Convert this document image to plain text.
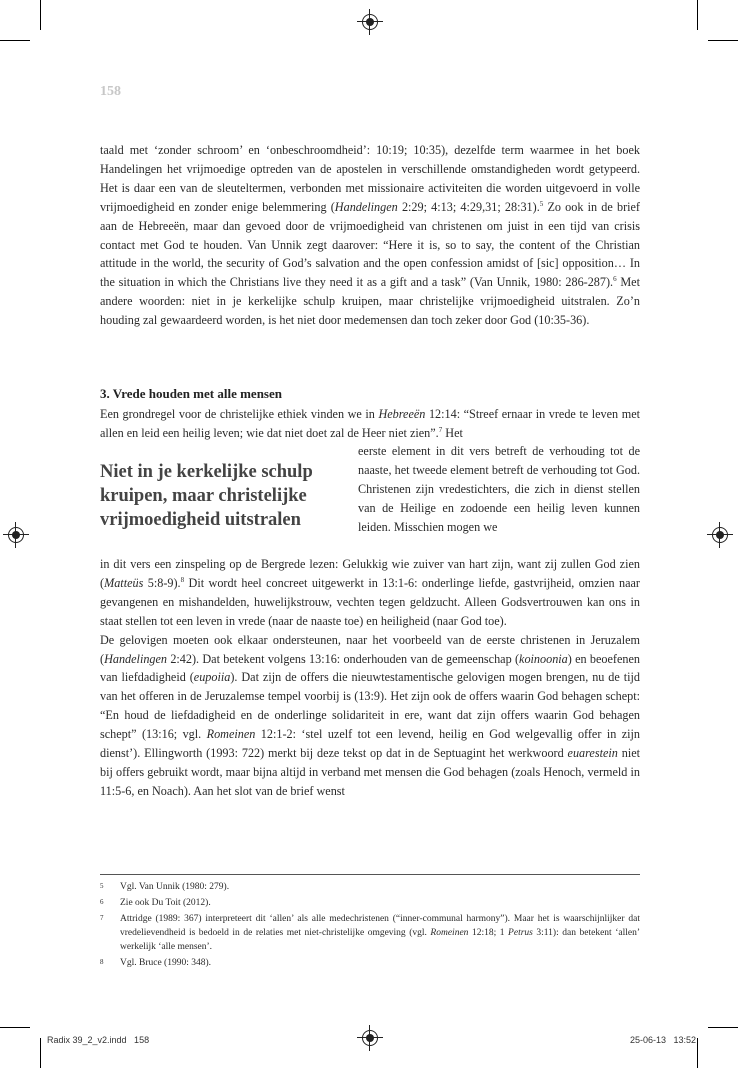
158

taald met ‘zonder schroom’ en ‘onbeschroomdheid’: 10:19; 10:35), dezelfde term waarmee in het boek Handelingen het vrijmoedige optreden van de apostelen in verschillende omstandigheden wordt getypeerd. Het is daar een van de sleuteltermen, verbonden met missionaire activiteiten die worden uitgevoerd in volle vrijmoedigheid en zonder enige belemmering (Handelingen 2:29; 4:13; 4:29,31; 28:31).$^5$ Zo ook in de brief aan de Hebreeën, maar dan gevoed door de vrijmoedigheid van christenen om juist in een tijd van crisis contact met God te houden. Van Unnik zegt daarover: “Here it is, so to say, the content of the Christian attitude in the world, the security of God’s salvation and the open confession amidst of [sic] opposition… In the situation in which the Christians live they need it as a gift and a task” (Van Unnik, 1980: 286-287).$^6$ Met andere woorden: niet in je kerkelijke schulp kruipen, maar christelijke vrijmoedigheid uitstralen. Zo’n houding zal gewaardeerd worden, is het niet door medemensen dan toch zeker door God (10:35-36).

3. Vrede houden met alle mensen

Een grondregel voor de christelijke ethiek vinden we in Hebreeën 12:14: “Streef ernaar in vrede te leven met allen en leid een heilig leven; wie dat niet doet zal de Heer niet zien”.$^7$ Het

Niet in je kerkelijke schulp kruipen, maar christelijke vrijmoedigheid uitstralen
eerste element in dit vers betreft de verhouding tot de naaste, het tweede element betreft de verhouding tot God. Christenen zijn vredestichters, die zich in dienst stellen van de Heilige en zodoende een heilig leven kunnen leiden. Misschien mogen we

in dit vers een zinspeling op de Bergrede lezen: Gelukkig wie zuiver van hart zijn, want zij zullen God zien (Matteüs 5:8-9).$^8$ Dit wordt heel concreet uitgewerkt in 13:1-6: onderlinge liefde, gastvrijheid, omzien naar gevangenen en mishandelden, huwelijkstrouw, vechten tegen geldzucht. Alleen Godsvertrouwen kan ons in staat stellen tot een leven in vrede (naar de naaste toe) en heiligheid (naar God toe).

De gelovigen moeten ook elkaar ondersteunen, naar het voorbeeld van de eerste christenen in Jeruzalem (Handelingen 2:42). Dat betekent volgens 13:16: onderhouden van de gemeenschap (koinoonia) en beoefenen van liefdadigheid (eupoiia). Dat zijn de offers die nieuwtestamentische gelovigen mogen brengen, nu de tijd van het offeren in de Jeruzalemse tempel voorbij is (13:9). Het zijn ook de offers waarin God behagen schept: “En houd de liefdadigheid en de onderlinge solidariteit in ere, want dat zijn offers waarin God behagen schept” (13:16; vgl. Romeinen 12:1-2: ‘stel uzelf tot een levend, heilig en God welgevallig offer in zijn dienst’). Ellingworth (1993: 722) merkt bij deze tekst op dat in de Septuagint het werkwoord euarestein niet bij offers gebruikt wordt, maar bijna altijd in verband met mensen die God behagen (zoals Henoch, vermeld in 11:5-6, en Noach). Aan het slot van de brief wenst

5	Vgl. Van Unnik (1980: 279).
6	Zie ook Du Toit (2012).
7	Attridge (1989: 367) interpreteert dit ‘allen’ als alle medechristenen (“inner-communal harmony”). Maar het is waarschijnlijker dat vredelievendheid is bedoeld in de relaties met niet-christelijke omgeving (vgl. Romeinen 12:18; 1 Petrus 3:11): dan betekent ‘allen’ werkelijk ‘alle mensen’.
8	Vgl. Bruce (1990: 348).
Radix 39_2_v2.indd   158	25-06-13   13:52
